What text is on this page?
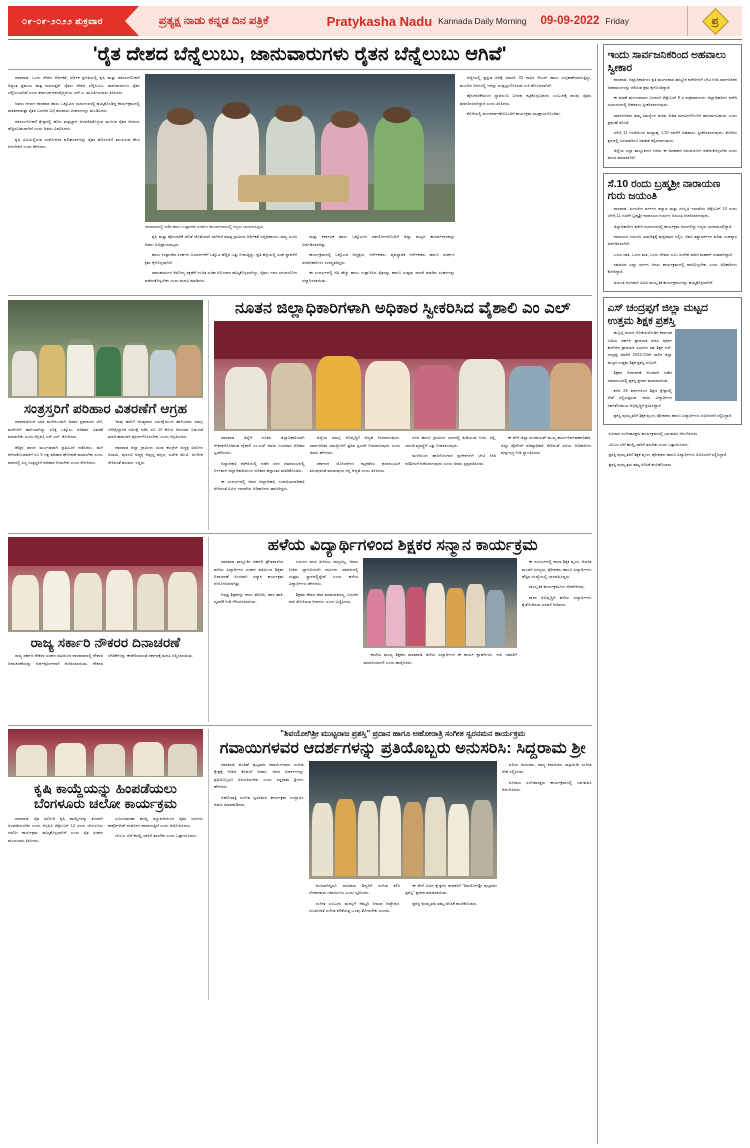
೦೯-೦೯-೨೦೨೨ ಶುಕ್ರವಾರ	ಪ್ರತ್ಯಕ್ಷ ನಾಡು ಕನ್ನಡ ದಿನ ಪತ್ರಿಕೆ	Pratykasha Nadu Kannada Daily Morning 09-09-2022 Friday	ಪ್ರ
'ರೈತ ದೇಶದ ಬೆನ್ನೆಲುಬು, ಜಾನುವಾರುಗಳು ರೈತನ ಬೆನ್ನೆಲುಬು ಆಗಿವೆ'

ಧಾರವಾಡ: ಒಂದು ದೇಶದ ಆರ್ಥಿಕತೆ, ಆರ್ಥಿಕ ಪ್ರಗತಿಯಲ್ಲಿ ಕೃಷಿ ಮತ್ತು ಪಶುಸಂಗೋಪನೆ ಅತ್ಯಂತ ಪ್ರಮುಖ ಪಾತ್ರ ವಹಿಸುತ್ತವೆ. ರೈತರು ದೇಶದ ಬೆನ್ನೆಲುಬು, ಜಾನುವಾರುಗಳು ರೈತನ ಬೆನ್ನೆಲುಬಾಗಿವೆ ಎಂದು ಕರ್ನಾಟಕ ಪಶುವೈದ್ಯಕೀಯ ಎನ್.ಎ. ಮೂರ್ತಿಯವರು ತಿಳಿಸಿದರು.

ಅವರು ನಗರದ ಧಾರವಾಡ ಹಾಲು ಒಕ್ಕೂಟದ ಸಭಾಂಗಣದಲ್ಲಿ ಹಮ್ಮಿಕೊಂಡಿದ್ದ ಕಾರ್ಯಕ್ರಮದಲ್ಲಿ ಮಾತನಾಡುತ್ತಾ ರೈತರ ಬದುಕಿನ ಬಗ್ಗೆ ಹಲವಾರು ವಿಚಾರಗಳನ್ನು ಮಂಡಿಸಿದರು.

ಪಶುಸಂಗೋಪನೆ ಕ್ಷೇತ್ರದಲ್ಲಿ ಹೊಸ ತಂತ್ರಜ್ಞಾನ ಅಳವಡಿಸಿಕೊಳ್ಳುವ ಮೂಲಕ ರೈತರ ಆದಾಯ ಹೆಚ್ಚಿಸಬಹುದಾಗಿದೆ ಎಂದು ಅವರು ವಿವರಿಸಿದರು.

ಕೃಷಿ ವಿವಿಯಲ್ಲಿರುವ ಸಂಶೋಧನಾ ಫಲಿತಾಂಶಗಳನ್ನು ರೈತರ ಹೊಲಗಳಿಗೆ ತಲುಪಿಸುವ ಕೆಲಸ ಆಗಬೇಕಿದೆ ಎಂದು ಹೇಳಿದರು.

ಧಾರವಾಡದಲ್ಲಿ ನಡೆದ ಹಾಲು ಉತ್ಪಾದಕರ ಸಂಘಗಳ ಕಾರ್ಯಾಗಾರದಲ್ಲಿ ಗಣ್ಯರು ಭಾಗವಹಿಸಿದ್ದರು.

ಕೃಷಿ ಮತ್ತು ಹೈನುಗಾರಿಕೆ ಜೊತೆ ಜೊತೆಯಾಗಿ ಸಾಗಿದರೆ ಮಾತ್ರ ಗ್ರಾಮೀಣ ಆರ್ಥಿಕತೆ ಸದೃಢವಾಗಲು ಸಾಧ್ಯ ಎಂದು ಅವರು ಅಭಿಪ್ರಾಯಪಟ್ಟರು.

ಹಾಲು ಉತ್ಪಾದಕರ ಸಂಘಗಳ ಬಲವರ್ಧನೆಗೆ ಒಕ್ಕೂಟ ಹೆಚ್ಚಿನ ಒತ್ತು ನೀಡುತ್ತಿದ್ದು, ಪ್ರತಿ ಹಳ್ಳಿಯಲ್ಲಿ ಸಂಘ ಸ್ಥಾಪನೆಗೆ ಕ್ರಮ ಕೈಗೊಳ್ಳಲಾಗಿದೆ.

ಜಾನುವಾರುಗಳ ಆರೋಗ್ಯ ರಕ್ಷಣೆಗೆ ಉಚಿತ ಲಸಿಕಾ ಅಭಿಯಾನ ಹಮ್ಮಿಕೊಳ್ಳಲಾಗಿದ್ದು, ರೈತರು ಇದರ ಸದುಪಯೋಗ ಪಡೆದುಕೊಳ್ಳಬೇಕು ಎಂದು ಮನವಿ ಮಾಡಿದರು.

ಮತ್ತು ಕರ್ನಾಟಕ ಹಾಲು ಒಕ್ಕೂಟಗಳ ಸಹಯೋಗದೊಂದಿಗೆ ಜಿಲ್ಲಾ ಮಟ್ಟದ ಕಾರ್ಯಾಗಾರವನ್ನು ಏರ್ಪಡಿಸಲಾಗಿತ್ತು.

ಕಾರ್ಯಕ್ರಮದಲ್ಲಿ ಒಕ್ಕೂಟದ ಅಧ್ಯಕ್ಷರು, ನಿರ್ದೇಶಕರು, ವ್ಯವಸ್ಥಾಪಕ ನಿರ್ದೇಶಕರು ಹಾಗೂ ಸಂಘಗಳ ಪದಾಧಿಕಾರಿಗಳು ಉಪಸ್ಥಿತರಿದ್ದರು.

ಈ ಸಂದರ್ಭದಲ್ಲಿ ಅತಿ ಹೆಚ್ಚು ಹಾಲು ಉತ್ಪಾದಿಸಿದ ರೈತರನ್ನು ಹಾಗೂ ಉತ್ತಮ ಸಾಧನೆ ಮಾಡಿದ ಸಂಘಗಳನ್ನು ಸನ್ಮಾನಿಸಲಾಯಿತು.

ಜಿಲ್ಲೆಯಲ್ಲಿ ಪ್ರಸ್ತುತ ದಿನಕ್ಕೆ ಸರಾಸರಿ 33 ಸಾವಿರ ಲೀಟರ್ ಹಾಲು ಸಂಗ್ರಹಣೆಯಾಗುತ್ತಿದ್ದು, ಮುಂದಿನ ದಿನಗಳಲ್ಲಿ ಇದನ್ನು ದುಪ್ಪಟ್ಟುಗೊಳಿಸುವ ಗುರಿ ಹೊಂದಲಾಗಿದೆ.

ಹೈನುಗಾರಿಕೆಯಿಂದ ಸ್ವಾವಲಂಬಿ ಬದುಕು ಕಟ್ಟಿಕೊಳ್ಳಬಹುದು ಎಂಬುದಕ್ಕೆ ಹಲವು ರೈತರು ಮಾದರಿಯಾಗಿದ್ದಾರೆ ಎಂದು ತಿಳಿಸಿದರು.

ಕೊನೆಯಲ್ಲಿ ವಂದನಾರ್ಪಣೆಯೊಂದಿಗೆ ಕಾರ್ಯಕ್ರಮ ಮುಕ್ತಾಯಗೊಂಡಿತು.

ಸಂತ್ರಸ್ತರಿಗೆ ಪರಿಹಾರ ವಿತರಣೆಗೆ ಆಗ್ರಹ

ಧಾರವಾಡದಿಂದ ಭಾರಿ ಮಳೆಯಿಂದಾಗಿ ಅಪಾರ ಪ್ರಮಾಣದ ಬೆಳೆ, ಮನೆಗಳಿಗೆ ಹಾನಿಯಾಗಿದ್ದು ಸೂಕ್ತ ಒಕ್ಕೂಲು ಪರಿಹಾರ ವಿತರಣೆ ಮಾಡಬೇಕು ಎಂದು ಆಗ್ರಹಿಸಿ ಎನ್.ಎಸ್. ಕೋರಿದರು.

ಹೆಚ್ಚಿನ ಹಣದ ಮುಂಗಡವಾಗಿ ಪ್ರತಿಭಟನೆ ನಡೆಸಿದರು. ಮಳೆ ಕಳೆದುಕೊಂಡವರಿಗೆ ರೂ 5 ಲಕ್ಷ ಪರಿಹಾರ ಘೋಷಣೆ ಮಾಡಬೇಕು ಎಂದು ವಾರದಲ್ಲಿ ಎಲ್ಲ ಸಂತ್ರಸ್ತರಿಗೆ ಪರಿಹಾರ ನೀಡಬೇಕು ಎಂದು ಕೋರಿದರು.

'ನಾವು ಹಾನಿಗೆ ಅಗತ್ಯವಾದ ಸಮೀಕ್ಷೆಯಿಂದ ಹಾನಿಯಾದ ಸಮಗ್ರ ಬೆಳೆವೈಜ್ಞಾನಿಕ ಸಮೀಕ್ಷೆ ನಡೆಸಿ ರೂ 10 ಕೋಟಿ ಅನುದಾನ ಬಿಡುಗಡೆ ಮಾಡಿ ಕಾಮಗಾರಿ ಪೂರ್ಣಗೊಳಿಸಬೇಕು' ಎಂದು ಆಗ್ರಹಿಸಿದರು.

ಧಾರವಾಡ ಜಿಲ್ಲಾ ಗ್ರಾಮೀಣ ಯುವ ಕಾಂಗ್ರೆಸ್ ಅಧ್ಯಕ್ಷ ಏಸೋದ ಅಸಾಮಿ, ಪುರಸಭೆ ಅಧ್ಯಕ್ಷ ಅಪ್ಪಣ್ಣ ಹಳ್ಳದ, ಸುರೇಶ ಮೇಟಿ, ಜಗದೀಶ ಸೇರಿದಂತೆ ಹಲವರು ಇದ್ದರು.

ನೂತನ ಜಿಲ್ಲಾಧಿಕಾರಿಗಳಾಗಿ ಅಧಿಕಾರ ಸ್ವೀಕರಿಸಿದ ವೈಶಾಲಿ ಎಂ ಎಲ್

ಧಾರವಾಡ ಜಿಲ್ಲೆಗೆ ನೂತನ ಜಿಲ್ಲಾಧಿಕಾರಿಯಾಗಿ ನೇಮಕಗೊಂಡಿರುವ ವೈಶಾಲಿ ಎಂ.ಎಲ್ ಅವರು ಗುರುವಾರ ಅಧಿಕಾರ ಸ್ವೀಕರಿಸಿದರು.

ಜಿಲ್ಲಾಧಿಕಾರಿ ಕಚೇರಿಯಲ್ಲಿ ನಡೆದ ಸರಳ ಸಮಾರಂಭದಲ್ಲಿ ನಿರ್ಗಮನ ಜಿಲ್ಲಾಧಿಕಾರಿಯಿಂದ ಅಧಿಕಾರ ಹಸ್ತಾಂತರ ಮಾಡಿಕೊಂಡರು.

ಈ ಸಂದರ್ಭದಲ್ಲಿ ಅಪರ ಜಿಲ್ಲಾಧಿಕಾರಿ, ಉಪವಿಭಾಗಾಧಿಕಾರಿ ಸೇರಿದಂತೆ ವಿವಿಧ ಇಲಾಖೆಯ ಅಧಿಕಾರಿಗಳು ಹಾಜರಿದ್ದರು.

ಜಿಲ್ಲೆಯ ಸಮಗ್ರ ಅಭಿವೃದ್ಧಿಗೆ ಆದ್ಯತೆ ನೀಡಲಾಗುವುದು. ಸಾರ್ವಜನಿಕರ ಸಮಸ್ಯೆಗಳಿಗೆ ತ್ವರಿತ ಸ್ಪಂದನೆ ನೀಡಲಾಗುವುದು ಎಂದು ಅವರು ಹೇಳಿದರು.

ಸರ್ಕಾರದ ಯೋಜನೆಗಳು ಕಟ್ಟಕಡೆಯ ಫಲಾನುಭವಿಗೆ ತಲುಪುವಂತೆ ಮಾಡುವುದು ನನ್ನ ಆದ್ಯತೆ ಎಂದು ತಿಳಿಸಿದರು.

ನಗರ ಹಾಗೂ ಗ್ರಾಮೀಣ ಭಾಗದಲ್ಲಿ ಕುಡಿಯುವ ನೀರು, ರಸ್ತೆ, ಚರಂಡಿ ವ್ಯವಸ್ಥೆಗೆ ಒತ್ತು ನೀಡಲಾಗುವುದು.

ಮಳೆಯಿಂದ ಹಾನಿಗೊಳಗಾದ ಪ್ರದೇಶಗಳಿಗೆ ಭೇಟಿ ನೀಡಿ ಪರಿಶೀಲನೆ ನಡೆಸಲಾಗುವುದು ಎಂದು ಅವರು ಸ್ಪಷ್ಟಪಡಿಸಿದರು.

ಈ ವೇಳೆ ಜಿಲ್ಲಾ ಪಂಚಾಯತ್ ಮುಖ್ಯ ಕಾರ್ಯನಿರ್ವಹಣಾಧಿಕಾರಿ, ಜಿಲ್ಲಾ ಪೊಲೀಸ್ ವರಿಷ್ಠಾಧಿಕಾರಿ ಸೇರಿದಂತೆ ಹಿರಿಯ ಅಧಿಕಾರಿಗಳು ಪುಷ್ಪಗುಚ್ಛ ನೀಡಿ ಸ್ವಾಗತಿಸಿದರು.

ರಾಜ್ಯ ಸರ್ಕಾರಿ ನೌಕರರ ದಿನಾಚರಣೆ

ರಾಜ್ಯ ಸರ್ಕಾರಿ ನೌಕರರ ಸಂಘದ ವತಿಯಿಂದ ಧಾರವಾಡದಲ್ಲಿ ನೌಕರರ ದಿನಾಚರಣೆಯನ್ನು ಅರ್ಥಪೂರ್ಣವಾಗಿ ಆಚರಿಸಲಾಯಿತು. ನೌಕರರ ಬೇಡಿಕೆಗಳನ್ನು ಈಡೇರಿಸುವಂತೆ ಸರ್ಕಾರಕ್ಕೆ ಮನವಿ ಸಲ್ಲಿಸಲಾಯಿತು.

ಹಳೆಯ ವಿದ್ಯಾರ್ಥಿಗಳಿಂದ ಶಿಕ್ಷಕರ ಸನ್ಮಾನ ಕಾರ್ಯಕ್ರಮ

ಧಾರವಾಡ ತಾಲ್ಲೂಕಿನ ಸರ್ಕಾರಿ ಪ್ರೌಢಶಾಲೆಯ ಹಳೆಯ ವಿದ್ಯಾರ್ಥಿಗಳ ಸಂಘದ ವತಿಯಿಂದ ಶಿಕ್ಷಕರ ದಿನಾಚರಣೆ ಅಂಗವಾಗಿ ಸನ್ಮಾನ ಕಾರ್ಯಕ್ರಮ ಆಯೋಜಿಸಲಾಗಿತ್ತು.

ನಿವೃತ್ತ ಶಿಕ್ಷಕರನ್ನು ಶಾಲು ಹೊದಿಸಿ, ಹಾರ ಹಾಕಿ, ಸ್ಮರಣಿಕೆ ನೀಡಿ ಗೌರವಿಸಲಾಯಿತು.

ಗುರುಗಳ ಋಣ ತೀರಿಸಲು ಸಾಧ್ಯವಿಲ್ಲ. ಅವರು ನೀಡಿದ ಜ್ಞಾನದಿಂದಲೇ ನಾವಿಂದು ಸಮಾಜದಲ್ಲಿ ಉತ್ತಮ ಸ್ಥಾನದಲ್ಲಿದ್ದೇವೆ ಎಂದು ಹಳೆಯ ವಿದ್ಯಾರ್ಥಿಗಳು ಹೇಳಿದರು.

ಶಿಕ್ಷಕರು ಕೇವಲ ಪಾಠ ಮಾಡುವವರಲ್ಲ, ಬದುಕಿನ ದಾರಿ ತೋರಿಸುವ ದೀಪಗಳು ಎಂದು ಬಣ್ಣಿಸಿದರು.

ಶಾಲೆಯ ಮುಖ್ಯ ಶಿಕ್ಷಕರು ಮಾತನಾಡಿ, ಹಳೆಯ ವಿದ್ಯಾರ್ಥಿಗಳ ಈ ಕಾರ್ಯ ಶ್ಲಾಘನೀಯ. ಇದು ಇತರರಿಗೆ ಮಾದರಿಯಾಗಲಿ ಎಂದು ಹಾರೈಸಿದರು.

ಈ ಸಂದರ್ಭದಲ್ಲಿ ಶಾಲಾ ಶಿಕ್ಷಕ ವೃಂದ, ಆಡಳಿತ ಮಂಡಳಿ ಸದಸ್ಯರು, ಪೋಷಕರು ಹಾಗೂ ವಿದ್ಯಾರ್ಥಿಗಳು ಹೆಚ್ಚಿನ ಸಂಖ್ಯೆಯಲ್ಲಿ ಭಾಗವಹಿಸಿದ್ದರು.

ಸಾಂಸ್ಕೃತಿಕ ಕಾರ್ಯಕ್ರಮಗಳು ನೆರವೇರಿದವು.

ಶಾಲಾ ಅಭಿವೃದ್ಧಿಗೆ ಹಳೆಯ ವಿದ್ಯಾರ್ಥಿಗಳು ಕೈಜೋಡಿಸುವ ಭರವಸೆ ನೀಡಿದರು.

ಕೃಷಿ ಕಾಯ್ದೆಯನ್ನು ಹಿಂಪಡೆಯಲು ಬೆಂಗಳೂರು ಚಲೋ ಕಾರ್ಯಕ್ರಮ

ಧಾರವಾಡ: ರೈತ ವಿರೋಧಿ ಕೃಷಿ ಕಾಯ್ದೆಗಳನ್ನು ಕೂಡಲೇ ಹಿಂಪಡೆಯಬೇಕು ಎಂದು ಆಗ್ರಹಿಸಿ ಸೆಪ್ಟೆಂಬರ್ 12 ರಂದು ಬೆಂಗಳೂರು ಚಲೋ ಕಾರ್ಯಕ್ರಮ ಹಮ್ಮಿಕೊಳ್ಳಲಾಗಿದೆ ಎಂದು ರೈತ ಸಂಘದ ಮುಖಂಡರು ತಿಳಿಸಿದರು.

ಭೂಸುಧಾರಣಾ ಕಾಯ್ದೆ ತಿದ್ದುಪಡಿಯಿಂದ ರೈತರ ಜಮೀನು ಕಾರ್ಪೊರೇಟ್ ಕಂಪನಿಗಳ ಪಾಲಾಗುತ್ತಿದೆ ಎಂದು ಆರೋಪಿಸಿದರು.

ಬೆಂಬಲ ಬೆಲೆ ಕಾಯ್ದೆ ಜಾರಿಗೆ ತರಬೇಕು ಎಂದು ಒತ್ತಾಯಿಸಿದರು.

"ಶಿವಯೋಗಿಶ್ರೀ ಮುಟ್ಟರಾಜ ಪ್ರಶಸ್ತಿ" ಪ್ರದಾನ ಹಾಗೂ ಅಹೋರಾತ್ರಿ ಸಂಗೀತ ಸ್ವರನಮನ ಕಾರ್ಯಕ್ರಮ
ಗವಾಯಿಗಳವರ ಆದರ್ಶಗಳನ್ನು ಪ್ರತಿಯೊಬ್ಬರು ಅನುಸರಿಸಿ: ಸಿದ್ದರಾಮ ಶ್ರೀ

ಧಾರವಾಡ: ಪಂಡಿತ್ ಪುಟ್ಟರಾಜ ಗವಾಯಿಗಳವರು ಸಂಗೀತ ಕ್ಷೇತ್ರಕ್ಕೆ ನೀಡಿದ ಕೊಡುಗೆ ಅಪಾರ. ಅವರ ಆದರ್ಶಗಳನ್ನು ಪ್ರತಿಯೊಬ್ಬರೂ ಅನುಸರಿಸಬೇಕು ಎಂದು ಸಿದ್ದರಾಮ ಶ್ರೀಗಳು ಹೇಳಿದರು.

ಅಹೋರಾತ್ರಿ ಸಂಗೀತ ಸ್ವರನಮನ ಕಾರ್ಯಕ್ರಮ ಉದ್ಘಾಟಿಸಿ ಅವರು ಮಾತನಾಡಿದರು.

ಅಂಧರಾಗಿದ್ದರೂ ಸಾವಿರಾರು ಶಿಷ್ಯರಿಗೆ ಸಂಗೀತ ಕಲಿಸಿ ಬೆಳಕಾದವರು ಗವಾಯಿಗಳು ಎಂದು ಸ್ಮರಿಸಿದರು.

ಸಂಗೀತ ಎಂಬುದು ಮನಸ್ಸಿಗೆ ನೆಮ್ಮದಿ ನೀಡುವ ದಿವ್ಯೌಷಧ. ಯುವಜನತೆ ಸಂಗೀತ ಕಲಿಕೆಯತ್ತ ಒಲವು ತೋರಬೇಕು ಎಂದರು.

ಈ ವೇಳೆ ವಿವಿಧ ಕ್ಷೇತ್ರಗಳ ಸಾಧಕರಿಗೆ "ಶಿವಯೋಗಿಶ್ರೀ ಪುಟ್ಟರಾಜ ಪ್ರಶಸ್ತಿ" ಪ್ರದಾನ ಮಾಡಲಾಯಿತು.

ಪ್ರಶಸ್ತಿ ಪುರಸ್ಕೃತರು ತಮ್ಮ ಅನಿಸಿಕೆ ಹಂಚಿಕೊಂಡರು.

ಹಿರಿಯ ಗಾಯಕರು, ವಾದ್ಯ ಕಲಾವಿದರು ರಾತ್ರಿಯಿಡೀ ಸಂಗೀತ ಸೇವೆ ಸಲ್ಲಿಸಿದರು.

ನೂರಾರು ಸಂಗೀತಾಸಕ್ತರು ಕಾರ್ಯಕ್ರಮದಲ್ಲಿ ಭಾಗವಹಿಸಿ ಆನಂದಿಸಿದರು.

ಇಂದು ಸಾರ್ವಜನಿಕರಿಂದ ಅಹವಾಲು ಸ್ವೀಕಾರ

ಧಾರವಾಡ: ಜಿಲ್ಲಾಧಿಕಾರಿಗಳು ಪ್ರತಿ ಮಂಗಳವಾರ ತಾಲ್ಲೂಕ ಕಚೇರಿಗಳಿಗೆ ಭೇಟಿ ನೀಡಿ ಸಾರ್ವಜನಿಕರ ಅಹವಾಲುಗಳನ್ನು ಆಲಿಸುವ ಕ್ರಮ ಕೈಗೊಂಡಿದ್ದಾರೆ.

ಈ ಮಾಹೆ ಮಂಗಳವಾರದ ಬದಲಾಗಿ ಸೆಪ್ಟೆಂಬರ್ 9 ರ ಶುಕ್ರವಾರದಂದು ಜಿಲ್ಲಾಧಿಕಾರಿಗಳ ಕಚೇರಿ ಸಭಾಂಗಣದಲ್ಲಿ ಅಹವಾಲು ಸ್ವೀಕರಿಸಲಾಗುವುದು.

ಸಾರ್ವಜನಿಕರು ತಮ್ಮ ಸಮಸ್ಯೆಗಳ ಕುರಿತು ಲಿಖಿತ ಮನವಿಗಳೊಂದಿಗೆ ಹಾಜರಾಗಬಹುದು ಎಂದು ಪ್ರಕಟಣೆ ತಿಳಿಸಿದೆ.

ಬೆಳಿಗ್ಗೆ 11 ಗಂಟೆಯಿಂದ ಮಧ್ಯಾಹ್ನ 1.30 ರವರೆಗೆ ಅಹವಾಲು ಸ್ವೀಕರಿಸಲಾಗುವುದು. ಕೊನೆಯ ಕ್ಷಣದಲ್ಲಿ ಬರುವವರಿಗೂ ಅವಕಾಶ ಕಲ್ಪಿಸಲಾಗುವುದು.

ಜಿಲ್ಲೆಯ ಎಲ್ಲಾ ತಾಲ್ಲೂಕುಗಳ ಜನರು ಈ ಅವಕಾಶದ ಸದುಪಯೋಗ ಪಡೆದುಕೊಳ್ಳಬೇಕು ಎಂದು ಮನವಿ ಮಾಡಲಾಗಿದೆ.

ಸೆ.10 ರಂದು ಬ್ರಹ್ಮಶ್ರೀ ನಾರಾಯಣ ಗುರು ಜಯಂತಿ

ಧಾರವಾಡ: ಹಿಂದುಳಿದ ವರ್ಗಗಳ ಕಲ್ಯಾಣ ಮತ್ತು ಸಂಸ್ಕೃತಿ ಇಲಾಖೆಯ ಸೆಪ್ಟೆಂಬರ್ 10 ರಂದು ಬೆಳಿಗ್ಗೆ 11 ಗಂಟೆಗೆ ಬ್ರಹ್ಮಶ್ರೀ ನಾರಾಯಣ ಗುರುಗಳ ಜಯಂತಿ ಆಚರಿಸಲಾಗುವುದು.

ಜಿಲ್ಲಾಧಿಕಾರಿಗಳ ಕಚೇರಿ ಸಭಾಂಗಣದಲ್ಲಿ ಕಾರ್ಯಕ್ರಮ ಜರುಗಲಿದ್ದು ಗಣ್ಯರು ಭಾಗವಹಿಸಲಿದ್ದಾರೆ.

ನಾರಾಯಣ ಗುರುಗಳ ಭಾವಚಿತ್ರಕ್ಕೆ ಪುಷ್ಪನಮನ ಸಲ್ಲಿಸಿ, ಅವರ ತತ್ವಾದರ್ಶಗಳ ಕುರಿತು ಉಪನ್ಯಾಸ ಏರ್ಪಡಿಸಲಾಗಿದೆ.

ಒಂದು ಜಾತಿ, ಒಂದು ಮತ, ಒಂದು ದೇವರು ಎಂಬ ಸಂದೇಶ ಸಾರಿದ ಮಹಾನ್ ಸಂತರಾಗಿದ್ದಾರೆ.

ಸಮಾಜದ ಎಲ್ಲಾ ವರ್ಗದ ಜನರು ಕಾರ್ಯಕ್ರಮದಲ್ಲಿ ಪಾಲ್ಗೊಳ್ಳಬೇಕು ಎಂದು ಅಧಿಕಾರಿಗಳು ಕೋರಿದ್ದಾರೆ.

ಜಯಂತಿ ಅಂಗವಾಗಿ ವಿವಿಧ ಸಾಂಸ್ಕೃತಿಕ ಕಾರ್ಯಕ್ರಮಗಳನ್ನು ಹಮ್ಮಿಕೊಳ್ಳಲಾಗಿದೆ.

ಎಸ್ ಚಂದ್ರಪ್ಪಗೆ ಜಿಲ್ಲಾ ಮಟ್ಟದ ಉತ್ತಮ ಶಿಕ್ಷಕ ಪ್ರಶಸ್ತಿ

ಹುಬ್ಬಳ್ಳಿ ನಗರದ ಗೋಕುಲರೋಡಿನ ಕರ್ನಾಟಕ ಬಡಿಯ ಸರ್ಕಾರಿ ಪ್ರಾಥಮಿಕ ಪದವಿ ಪೂರ್ವ ಕಾಲೇಜಿನ ಪ್ರಾಥಮಿಕ ವಿಭಾಗದ ಸಹ ಶಿಕ್ಷಕ ಎಸ್. ಚಂದ್ರಪ್ಪ ಅವರಿಗೆ 2022-23ನೇ ಸಾಲಿನ ಜಿಲ್ಲಾ ಮಟ್ಟದ ಉತ್ತಮ ಶಿಕ್ಷಕ ಪ್ರಶಸ್ತಿ ಲಭಿಸಿದೆ.

ಶಿಕ್ಷಕರ ದಿನಾಚರಣೆ ಅಂಗವಾಗಿ ನಡೆದ ಸಮಾರಂಭದಲ್ಲಿ ಪ್ರಶಸ್ತಿ ಪ್ರದಾನ ಮಾಡಲಾಯಿತು.

ಕಳೆದ 25 ವರ್ಷಗಳಿಂದ ಶಿಕ್ಷಣ ಕ್ಷೇತ್ರದಲ್ಲಿ ಸೇವೆ ಸಲ್ಲಿಸುತ್ತಿರುವ ಇವರು ವಿದ್ಯಾರ್ಥಿಗಳ ಸರ್ವತೋಮುಖ ಅಭಿವೃದ್ಧಿಗೆ ಶ್ರಮಿಸಿದ್ದಾರೆ.

ಪ್ರಶಸ್ತಿ ಪುರಸ್ಕೃತರಿಗೆ ಶಿಕ್ಷಕ ವೃಂದ, ಪೋಷಕರು ಹಾಗೂ ವಿದ್ಯಾರ್ಥಿಗಳು ಅಭಿನಂದನೆ ಸಲ್ಲಿಸಿದ್ದಾರೆ.

ನೂರಾರು ಸಂಗೀತಾಸಕ್ತರು ಕಾರ್ಯಕ್ರಮದಲ್ಲಿ ಭಾಗವಹಿಸಿ ಆನಂದಿಸಿದರು.

ಬೆಂಬಲ ಬೆಲೆ ಕಾಯ್ದೆ ಜಾರಿಗೆ ತರಬೇಕು ಎಂದು ಒತ್ತಾಯಿಸಿದರು.

ಪ್ರಶಸ್ತಿ ಪುರಸ್ಕೃತರಿಗೆ ಶಿಕ್ಷಕ ವೃಂದ, ಪೋಷಕರು ಹಾಗೂ ವಿದ್ಯಾರ್ಥಿಗಳು ಅಭಿನಂದನೆ ಸಲ್ಲಿಸಿದ್ದಾರೆ.

ಪ್ರಶಸ್ತಿ ಪುರಸ್ಕೃತರು ತಮ್ಮ ಅನಿಸಿಕೆ ಹಂಚಿಕೊಂಡರು.
